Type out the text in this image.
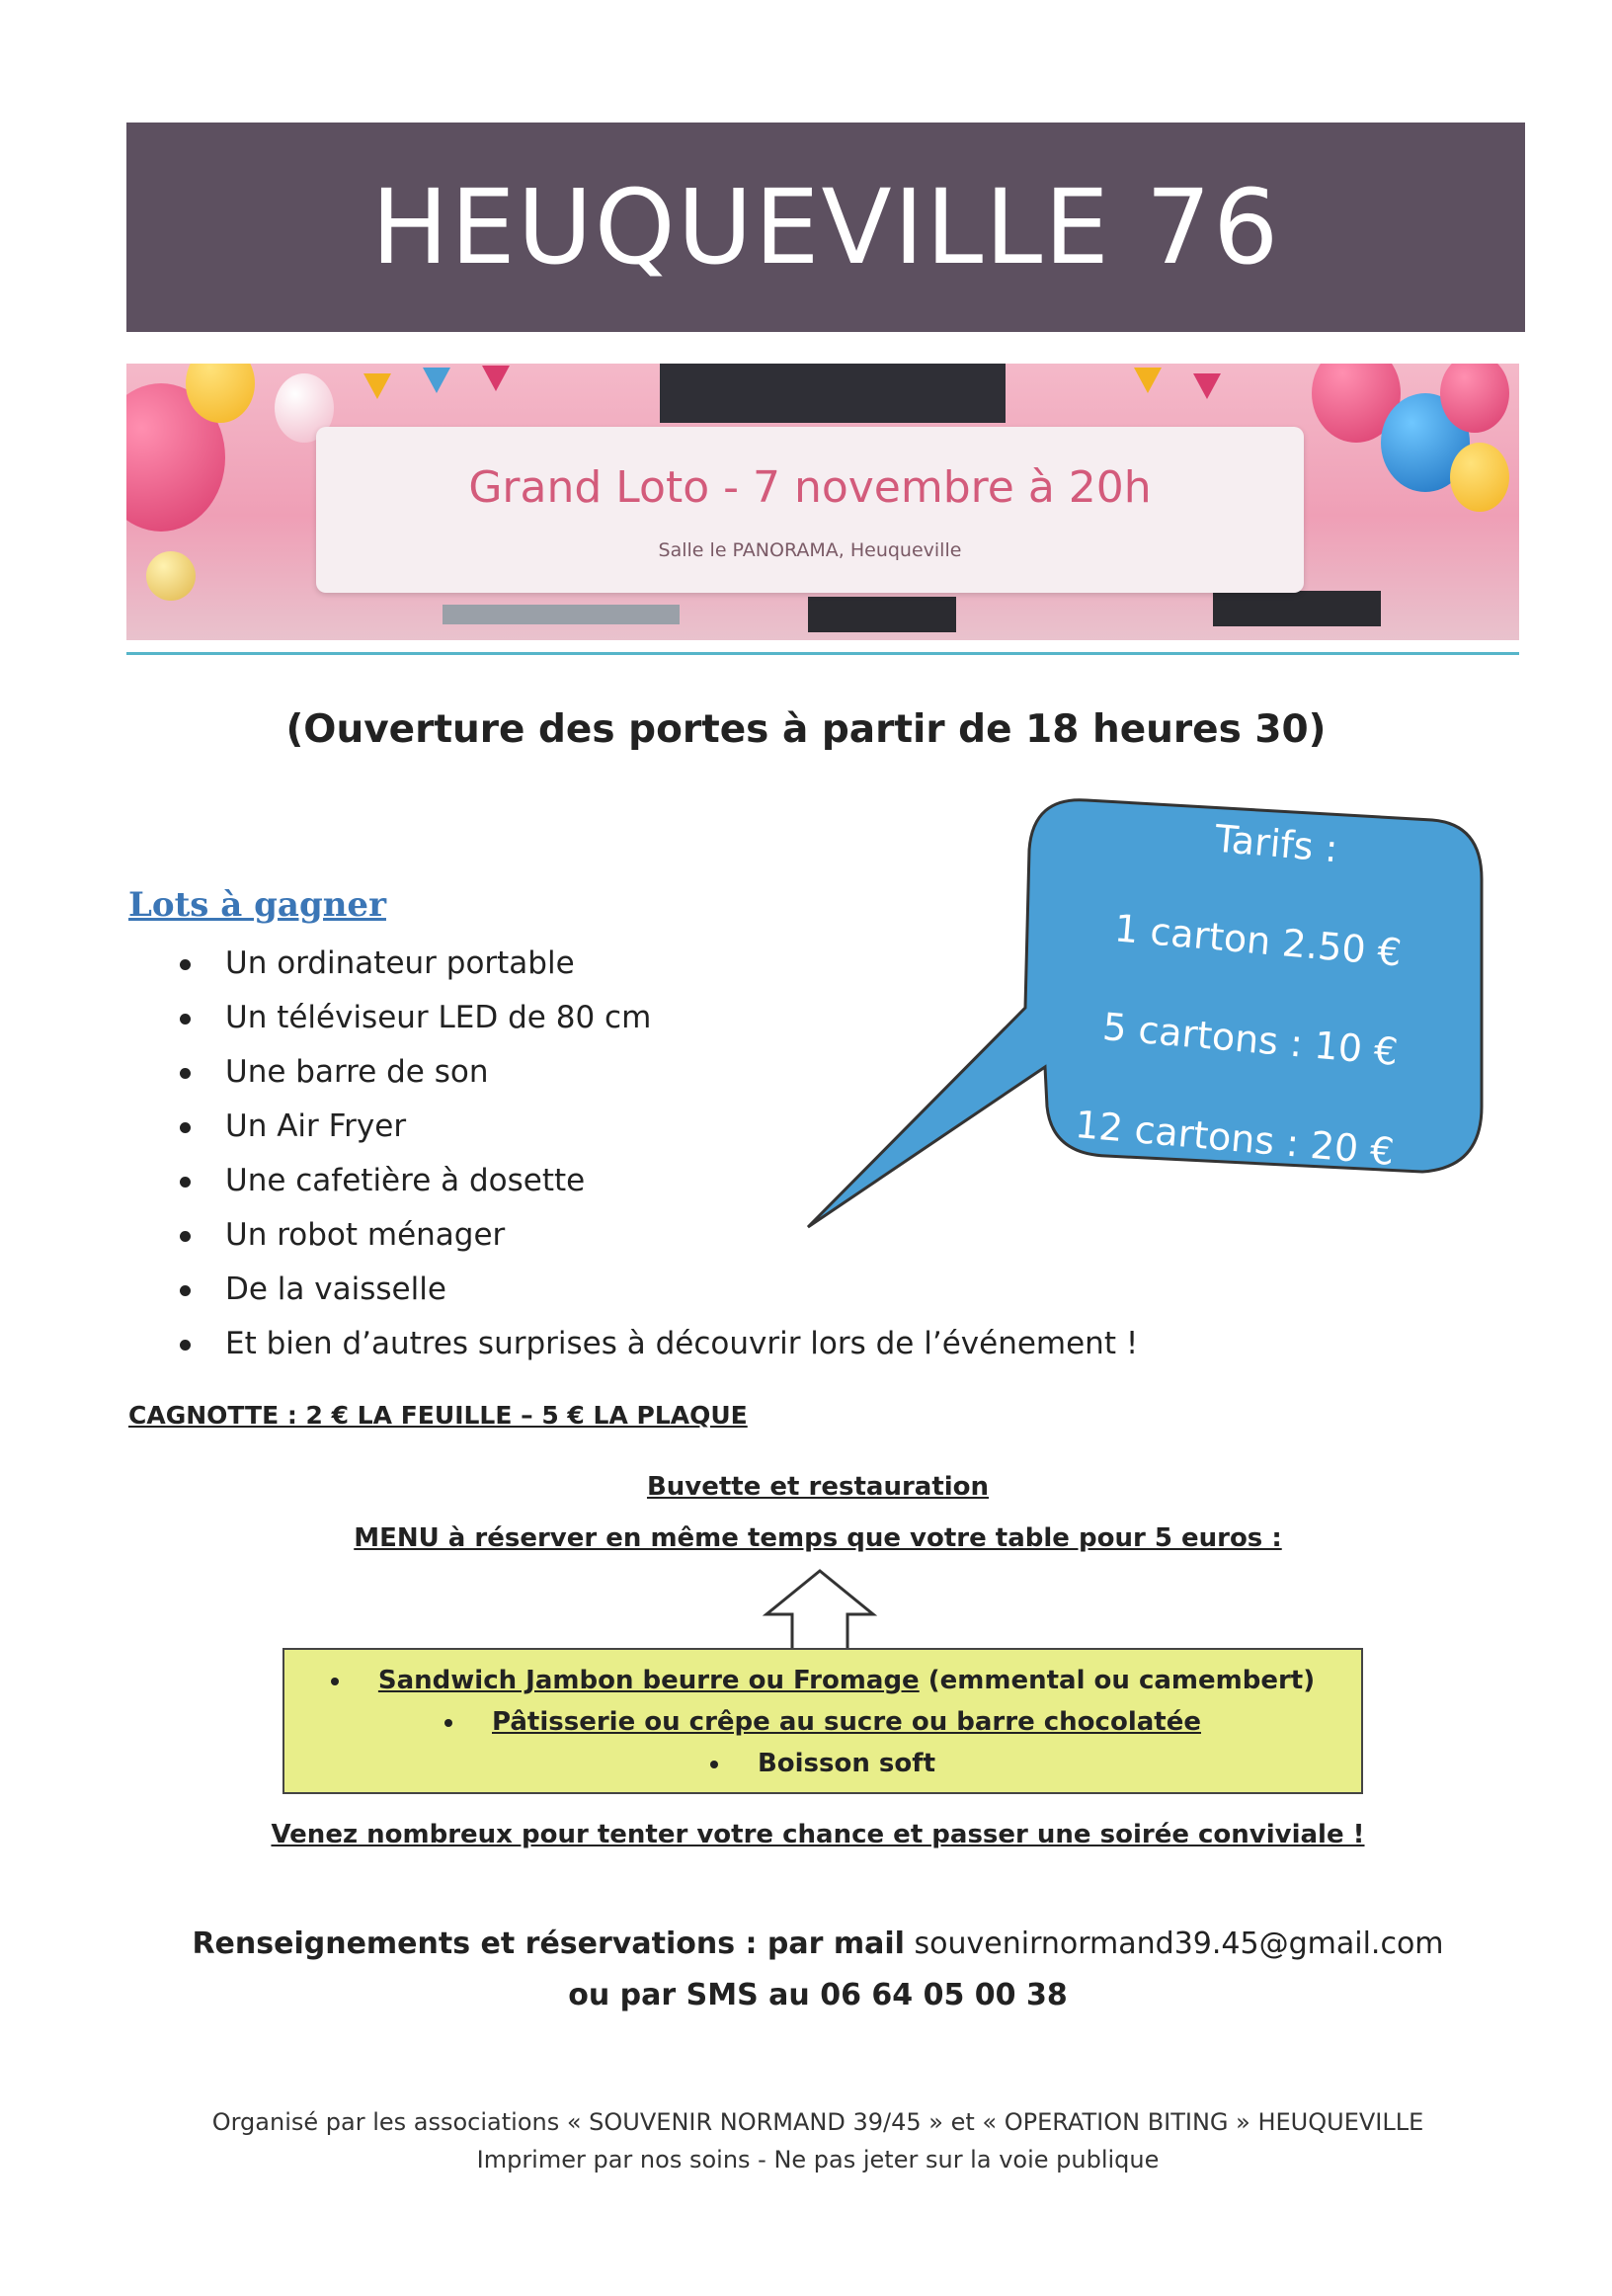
HEUQUEVILLE 76
Grand Loto - 7 novembre à 20h
Salle le PANORAMA, Heuqueville
(Ouverture des portes à partir de 18 heures 30)
Lots à gagner
Un ordinateur portable
Un téléviseur LED de 80 cm
Une barre de son
Un Air Fryer
Une cafetière à dosette
Un robot ménager
De la vaisselle
Et bien d’autres surprises à découvrir lors de l’événement !
Tarifs :
1 carton 2.50 €
5 cartons : 10 €
12 cartons : 20 €
CAGNOTTE : 2 € LA FEUILLE – 5 € LA PLAQUE
Buvette et restauration
MENU à réserver en même temps que votre table pour 5 euros :
Sandwich Jambon beurre ou Fromage (emmental ou camembert)
Pâtisserie ou crêpe au sucre ou barre chocolatée
Boisson soft
Venez nombreux pour tenter votre chance et passer une soirée conviviale !
Renseignements et réservations : par mail souvenirnormand39.45@gmail.com
ou par SMS au 06 64 05 00 38
Organisé par les associations « SOUVENIR NORMAND 39/45 » et « OPERATION BITING » HEUQUEVILLE
Imprimer par nos soins - Ne pas jeter sur la voie publique
